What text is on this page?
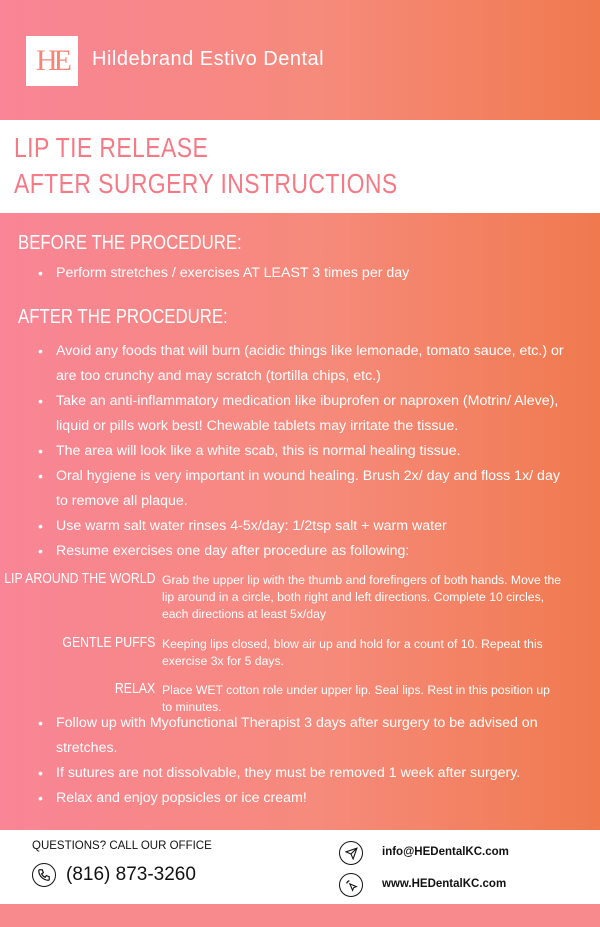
HE Hildebrand Estivo Dental
LIP TIE RELEASE
AFTER SURGERY INSTRUCTIONS
BEFORE THE PROCEDURE:
• Perform stretches / exercises AT LEAST 3 times per day
AFTER THE PROCEDURE:
• Avoid any foods that will burn (acidic things like lemonade, tomato sauce, etc.) or are too crunchy and may scratch (tortilla chips, etc.)
• Take an anti-inflammatory medication like ibuprofen or naproxen (Motrin/ Aleve), liquid or pills work best! Chewable tablets may irritate the tissue.
• The area will look like a white scab, this is normal healing tissue.
• Oral hygiene is very important in wound healing. Brush 2x/ day and floss 1x/ day to remove all plaque.
• Use warm salt water rinses 4-5x/day: 1/2tsp salt + warm water
• Resume exercises one day after procedure as following:
LIP AROUND THE WORLD Grab the upper lip with the thumb and forefingers of both hands. Move the lip around in a circle, both right and left directions. Complete 10 circles, each directions at least 5x/day
GENTLE PUFFS Keeping lips closed, blow air up and hold for a count of 10. Repeat this exercise 3x for 5 days.
RELAX Place WET cotton role under upper lip. Seal lips. Rest in this position up to minutes.
• Follow up with Myofunctional Therapist 3 days after surgery to be advised on stretches.
• If sutures are not dissolvable, they must be removed 1 week after surgery.
• Relax and enjoy popsicles or ice cream!
QUESTIONS? CALL OUR OFFICE
(816) 873-3260
info@HEDentalKC.com
www.HEDentalKC.com
